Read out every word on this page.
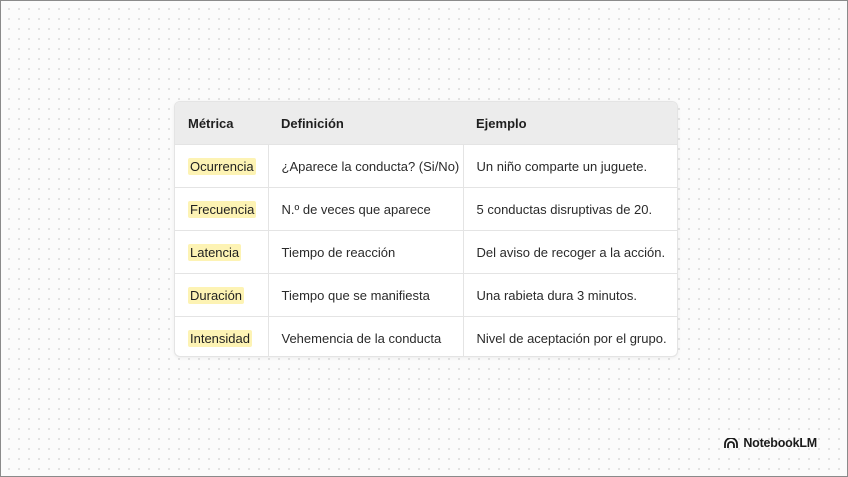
Métrica	Definición	Ejemplo
Ocurrencia	¿Aparece la conducta? (Si/No)	Un niño comparte un juguete.
Frecuencia	N.º de veces que aparece	5 conductas disruptivas de 20.
Latencia	Tiempo de reacción	Del aviso de recoger a la acción.
Duración	Tiempo que se manifiesta	Una rabieta dura 3 minutos.
Intensidad	Vehemencia de la conducta	Nivel de aceptación por el grupo.
NotebookLM
